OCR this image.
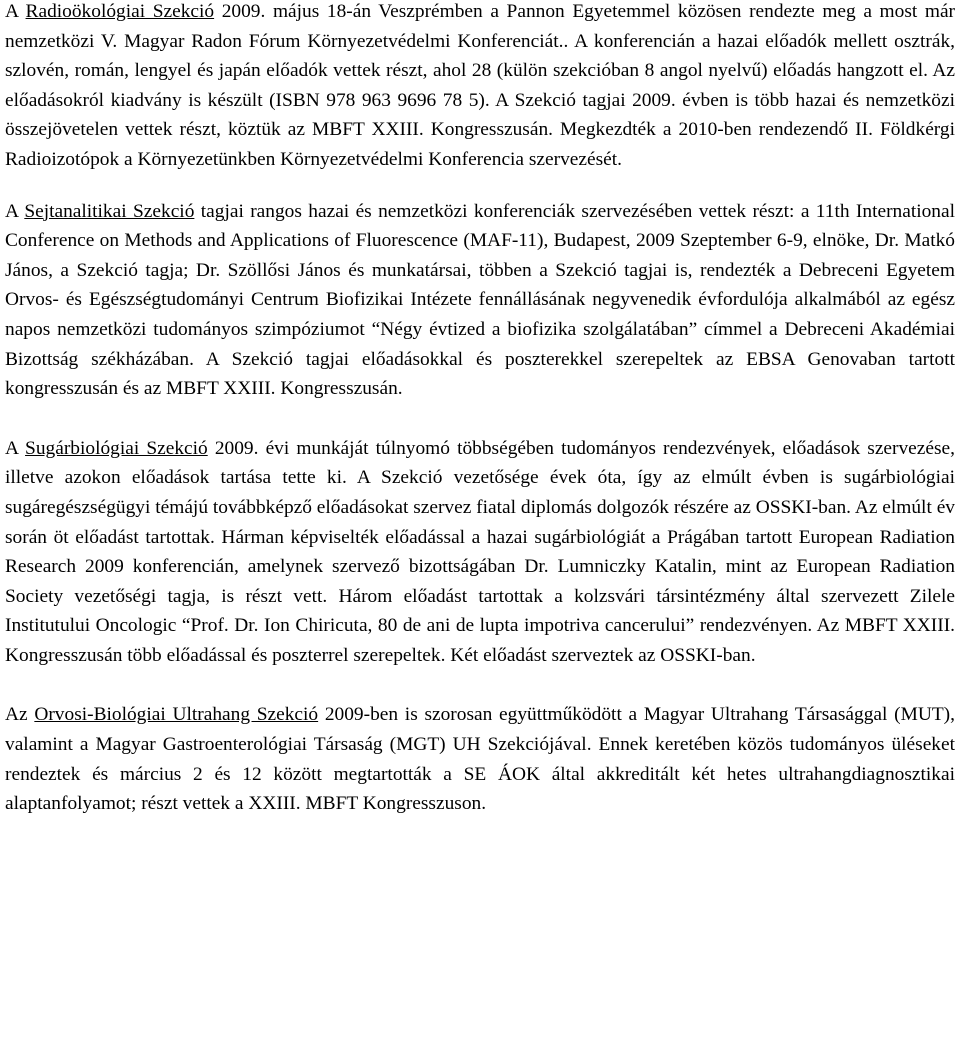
A Radioökológiai Szekció 2009. május 18-án Veszprémben a Pannon Egyetemmel közösen rendezte meg a most már nemzetközi V. Magyar Radon Fórum Környezetvédelmi Konferenciát.. A konferencián a hazai előadók mellett osztrák, szlovén, román, lengyel és japán előadók vettek részt, ahol 28 (külön szekcióban 8 angol nyelvű) előadás hangzott el. Az előadásokról kiadvány is készült (ISBN 978 963 9696 78 5). A Szekció tagjai 2009. évben is több hazai és nemzetközi összejövetelen vettek részt, köztük az MBFT XXIII. Kongresszusán. Megkezdték a 2010-ben rendezendő II. Földkérgi Radioizotópok a Környezetünkben Környezetvédelmi Konferencia szervezését.

A Sejtanalitikai Szekció tagjai rangos hazai és nemzetközi konferenciák szervezésében vettek részt: a 11th International Conference on Methods and Applications of Fluorescence (MAF-11), Budapest, 2009 Szeptember 6-9, elnöke, Dr. Matkó János, a Szekció tagja; Dr. Szöllősi János és munkatársai, többen a Szekció tagjai is, rendezték a Debreceni Egyetem Orvos- és Egészségtudományi Centrum Biofizikai Intézete fennállásának negyvenedik évfordulója alkalmából az egész napos nemzetközi tudományos szimpóziumot “Négy évtized a biofizika szolgálatában” címmel a Debreceni Akadémiai Bizottság székházában. A Szekció tagjai előadásokkal és poszterekkel szerepeltek az EBSA Genovaban tartott kongresszusán és az MBFT XXIII. Kongresszusán.

A Sugárbiológiai Szekció 2009. évi munkáját túlnyomó többségében tudományos rendezvények, előadások szervezése, illetve azokon előadások tartása tette ki. A Szekció vezetősége évek óta, így az elmúlt évben is sugárbiológiai sugáregészségügyi témájú továbbképző előadásokat szervez fiatal diplomás dolgozók részére az OSSKI-ban. Az elmúlt év során öt előadást tartottak. Hárman képviselték előadással a hazai sugárbiológiát a Prágában tartott European Radiation Research 2009 konferencián, amelynek szervező bizottságában Dr. Lumniczky Katalin, mint az European Radiation Society vezetőségi tagja, is részt vett. Három előadást tartottak a kolzsvári társintézmény által szervezett Zilele Institutului Oncologic “Prof. Dr. Ion Chiricuta, 80 de ani de lupta impotriva cancerului” rendezvényen. Az MBFT XXIII. Kongresszusán több előadással és poszterrel szerepeltek. Két előadást szerveztek az OSSKI-ban.

Az Orvosi-Biológiai Ultrahang Szekció 2009-ben is szorosan együttműködött a Magyar Ultrahang Társasággal (MUT), valamint a Magyar Gastroenterológiai Társaság (MGT) UH Szekciójával. Ennek keretében közös tudományos üléseket rendeztek és március 2 és 12 között megtartották a SE ÁOK által akkreditált két hetes ultrahangdiagnosztikai alaptanfolyamot; részt vettek a XXIII. MBFT Kongresszuson.
